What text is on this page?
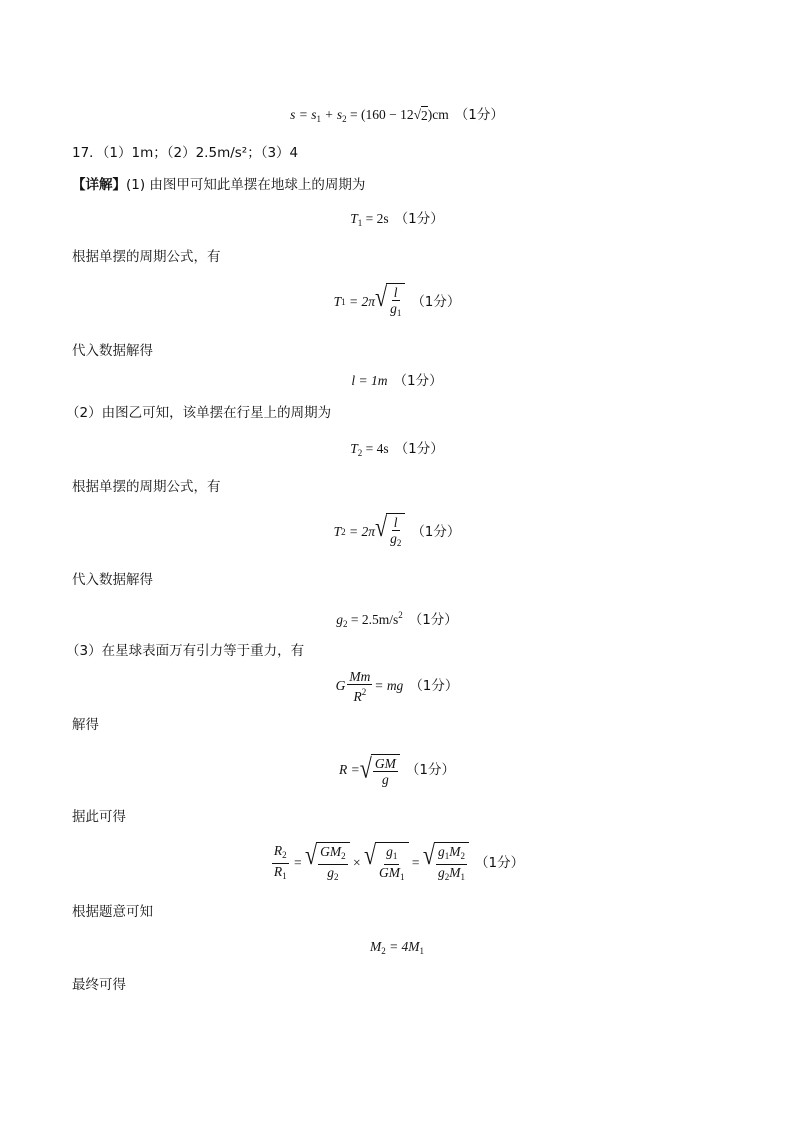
$s = s_1 + s_2 = (160 - 12$ √ 2 )cm （1分）
17．（1）1m；（2）2.5m/s²；（3）4
【详解】(1) 由图甲可知此单摆在地球上的周期为
$T_1 = 2s$ （1分）
根据单摆的周期公式，有
T 1
= 2π √ $\frac{l}{g_1} (1$分）
代入数据解得
l = 1m （1分）
（2）由图乙可知，该单摆在行星上的周期为
$T_2 = 4s$ （1分）
根据单摆的周期公式，有
T 2
= 2π √ $\frac{l}{g_2} (1$分）
代入数据解得
$g_2 = 2.5m/s^2$ （1分）
（3）在星球表面万有引力等于重力，有
G $\frac{Mm}{R^2}$ = mg （1分）
解得
R = √ $\frac{GM}{g} (1$分）
据此可得
$\frac{R_2}{R_1}$ = √ $\frac{GM_2}{g_2}$ × √ $\frac{g_1}{GM_1}$ = √ $\frac{g_1M_2}{g_2M_1} (1$分）
根据题意可知
$M_2 = 4M_1$
最终可得
